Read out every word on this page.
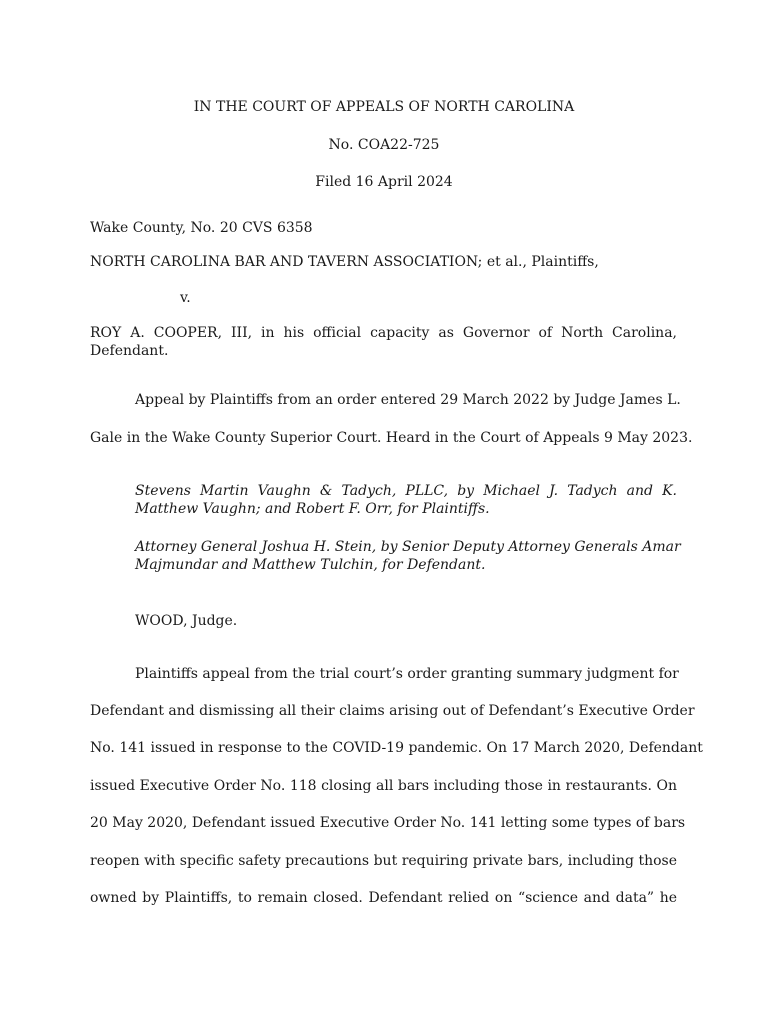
IN THE COURT OF APPEALS OF NORTH CAROLINA
No. COA22-725
Filed 16 April 2024
Wake County, No. 20 CVS 6358
NORTH CAROLINA BAR AND TAVERN ASSOCIATION; et al., Plaintiffs,
v.
ROY A. COOPER, III, in his official capacity as Governor of North Carolina,
Defendant.
Appeal by Plaintiffs from an order entered 29 March 2022 by Judge James L.
Gale in the Wake County Superior Court. Heard in the Court of Appeals 9 May 2023.
Stevens Martin Vaughn & Tadych, PLLC, by Michael J. Tadych and K.
Matthew Vaughn; and Robert F. Orr, for Plaintiffs.
Attorney General Joshua H. Stein, by Senior Deputy Attorney Generals Amar
Majmundar and Matthew Tulchin, for Defendant.
WOOD, Judge.
Plaintiffs appeal from the trial court’s order granting summary judgment for
Defendant and dismissing all their claims arising out of Defendant’s Executive Order
No. 141 issued in response to the COVID-19 pandemic. On 17 March 2020, Defendant
issued Executive Order No. 118 closing all bars including those in restaurants. On
20 May 2020, Defendant issued Executive Order No. 141 letting some types of bars
reopen with specific safety precautions but requiring private bars, including those
owned by Plaintiffs, to remain closed. Defendant relied on “science and data” he
